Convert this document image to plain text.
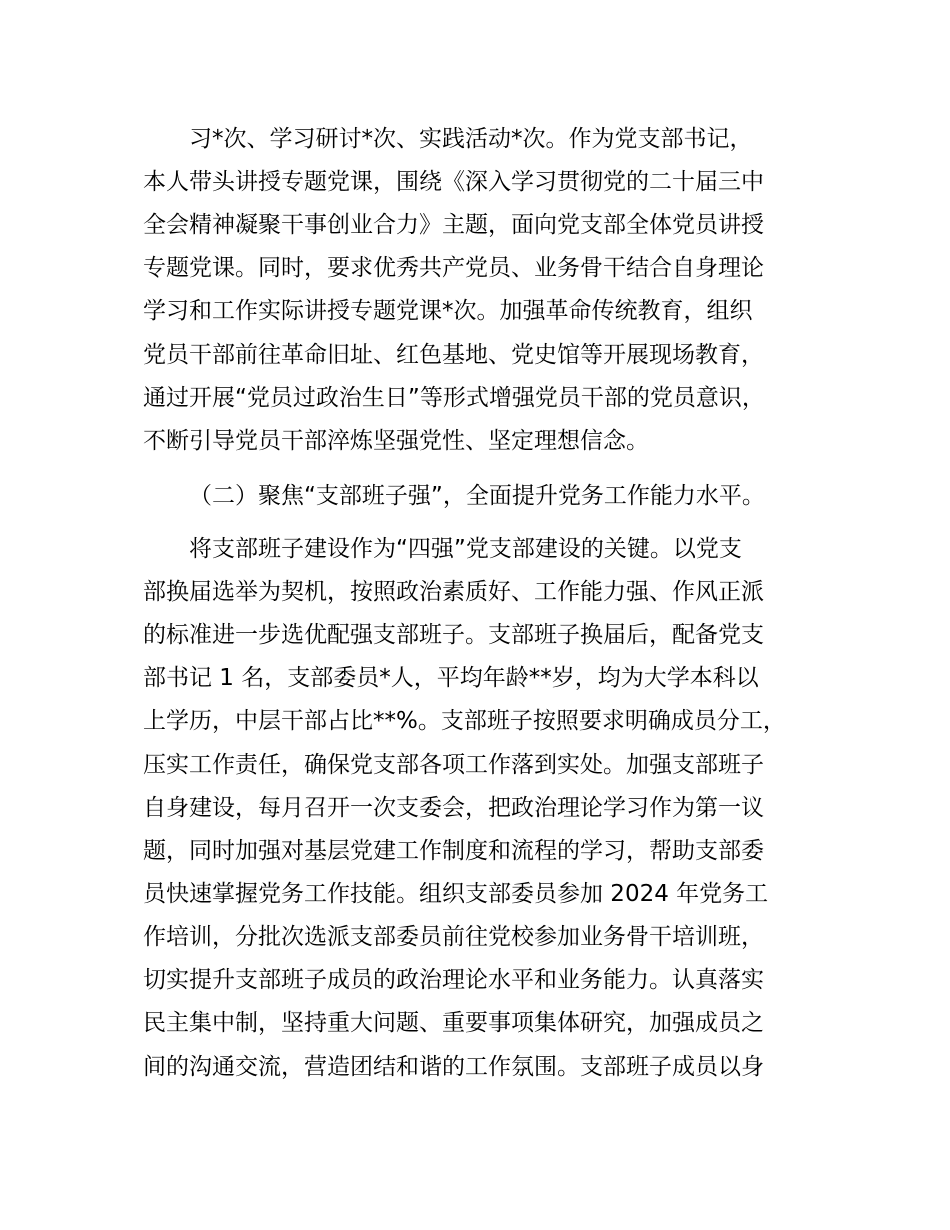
习*次、学习研讨*次、实践活动*次。作为党支部书记，
本人带头讲授专题党课，围绕《深入学习贯彻党的二十届三中
全会精神凝聚干事创业合力》主题，面向党支部全体党员讲授
专题党课。同时，要求优秀共产党员、业务骨干结合自身理论
学习和工作实际讲授专题党课*次。加强革命传统教育，组织
党员干部前往革命旧址、红色基地、党史馆等开展现场教育，
通过开展“党员过政治生日”等形式增强党员干部的党员意识，
不断引导党员干部淬炼坚强党性、坚定理想信念。
（二）聚焦“支部班子强”，全面提升党务工作能力水平。
将支部班子建设作为“四强”党支部建设的关键。以党支
部换届选举为契机，按照政治素质好、工作能力强、作风正派
的标准进一步选优配强支部班子。支部班子换届后，配备党支
部书记 1 名，支部委员*人，平均年龄**岁，均为大学本科以
上学历，中层干部占比**%。支部班子按照要求明确成员分工，
压实工作责任，确保党支部各项工作落到实处。加强支部班子
自身建设，每月召开一次支委会，把政治理论学习作为第一议
题，同时加强对基层党建工作制度和流程的学习，帮助支部委
员快速掌握党务工作技能。组织支部委员参加 2024 年党务工
作培训，分批次选派支部委员前往党校参加业务骨干培训班，
切实提升支部班子成员的政治理论水平和业务能力。认真落实
民主集中制，坚持重大问题、重要事项集体研究，加强成员之
间的沟通交流，营造团结和谐的工作氛围。支部班子成员以身
